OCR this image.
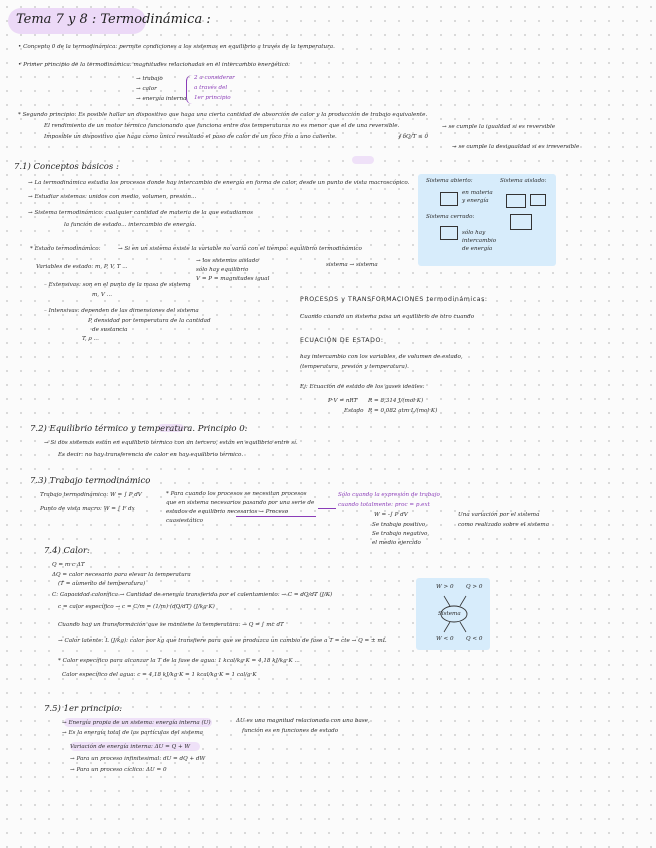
Tema 7 y 8 : Termodinámica :
• Concepto 0 de la termodinámica: permite condiciones a los sistemas en equilibrio a través de la temperatura.
• Primer principio de la termodinámica: magnitudes relacionadas en el intercambio energético:
→ trabajo
→ calor
→ energía interna
2 a considerar
a través del
1er principio
* Segundo principio: Es posible hallar un dispositivo que haga una cierta cantidad de absorción de calor y la producción de trabajo equivalente.
El rendimiento de un motor térmico funcionando que funciona entre dos temperaturas no es menor que el de una reversible.
Imposible un dispositivo que haga como único resultado el paso de calor de un foco frío a uno caliente.	∮ δQ/T ≤ 0
→ se cumple la igualdad si es reversible
→ se cumple la desigualdad si es irreversible
7.1) Conceptos básicos :
→ La termodinámica estudia los procesos donde hay intercambio de energía en forma de calor, desde un punto de vista macroscópico.
→ Estudiar sistemas: unidos con medio, volumen, presión...
→ Sistema termodinámico: cualquier cantidad de materia de la que estudiamos
la función de estado... intercambio de energía.
Sistema abierto:
en materia
y energía
Sistema aislado:
Sistema cerrado:
sólo hay
intercambio
de energía
* Estado termodinámico:	→ Si en un sistema existe la variable no varía con el tiempo: equilibrio termodinámico
Variables de estado: m, P, V, T ...
→ los sistemas aislado
sólo hay equilibrio
V = P = magnitudes igual
sistema → sistema
– Extensivas: son en el punto de la masa de sistema
m, V ...
– Intensivas: dependen de las dimensiones del sistema
P, densidad por temperatura de la cantidad
de sustancia
T, ρ ...
PROCESOS y TRANSFORMACIONES termodinámicas:
Cuando cuando un sistema pasa un equilibrio de otro cuando
ECUACIÓN DE ESTADO:
hay intercambio con los variables, de volumen de estado,
(temperatura, presión y temperatura).
Ej: Ecuación de estado de los gases ideales:
P·V = nRT R = 8,314 J/(mol·K)
Estado R = 0,082 atm·L/(mol·K)
7.2) Equilibrio térmico y temperatura. Principio 0:
→ Si dos sistemas están en equilibrio térmico con un tercero, están en equilibrio entre sí.
Es decir: no hay transferencia de calor en hay equilibrio térmico.
7.3) Trabajo termodinámico
Trabajo termodinámico: W = ∫ P dV
Punto de vista macro: W = ∫ F dx
* Para cuando los procesos se necesitan procesos que en sistema necesarios pasando por una serie de estados de equilibrio necesarios → Proceso cuasiestático
Sólo cuando la expresión de trabajo
cuando totalmente: proc = p.ext
W = -∫ P dV
Se trabajo positivo,
Se trabajo negativo,
el medio ejercido
Una variación por el sistema
como realizado sobre el sistema
7.4) Calor:
Q = m·c·ΔT
ΔQ = calor necesario para elevar la temperatura
(T = aumento de temperatura)
C: Capacidad calorífica → Cantidad de energía transferida por el calentamiento: → C = dQ/dT (J/K)
c = calor específico → c = C/m = (1/m)·(dQ/dT) (J/kg·K)
Cuando hay un transformación que se mantiene la temperatura: → Q = ∫ mc dT
→ Calor latente: L (J/kg): calor por kg que transfiere para que se produzca un cambio de fase a T = cte → Q = ± mL
* Calor específico para alcanzar la T de la fase de agua: 1 kcal/kg·K = 4,18 kJ/kg·K ...
Calor específico del agua: c = 4,18 kJ/kg·K = 1 kcal/kg·K = 1 cal/g·K
Sistema
W > 0 Q > 0
W < 0 Q < 0
7.5) 1er principio:
→ Energía propia de un sistema: energía interna (U)
→ Es la energía total de las partículas del sistema
Variación de energía interna: ΔU = Q + W
→ Para un proceso infinitesimal: dU = dQ + dW
→ Para un proceso cíclico: ΔU = 0
ΔU es una magnitud relacionada con una base,
función es en funciones de estado
